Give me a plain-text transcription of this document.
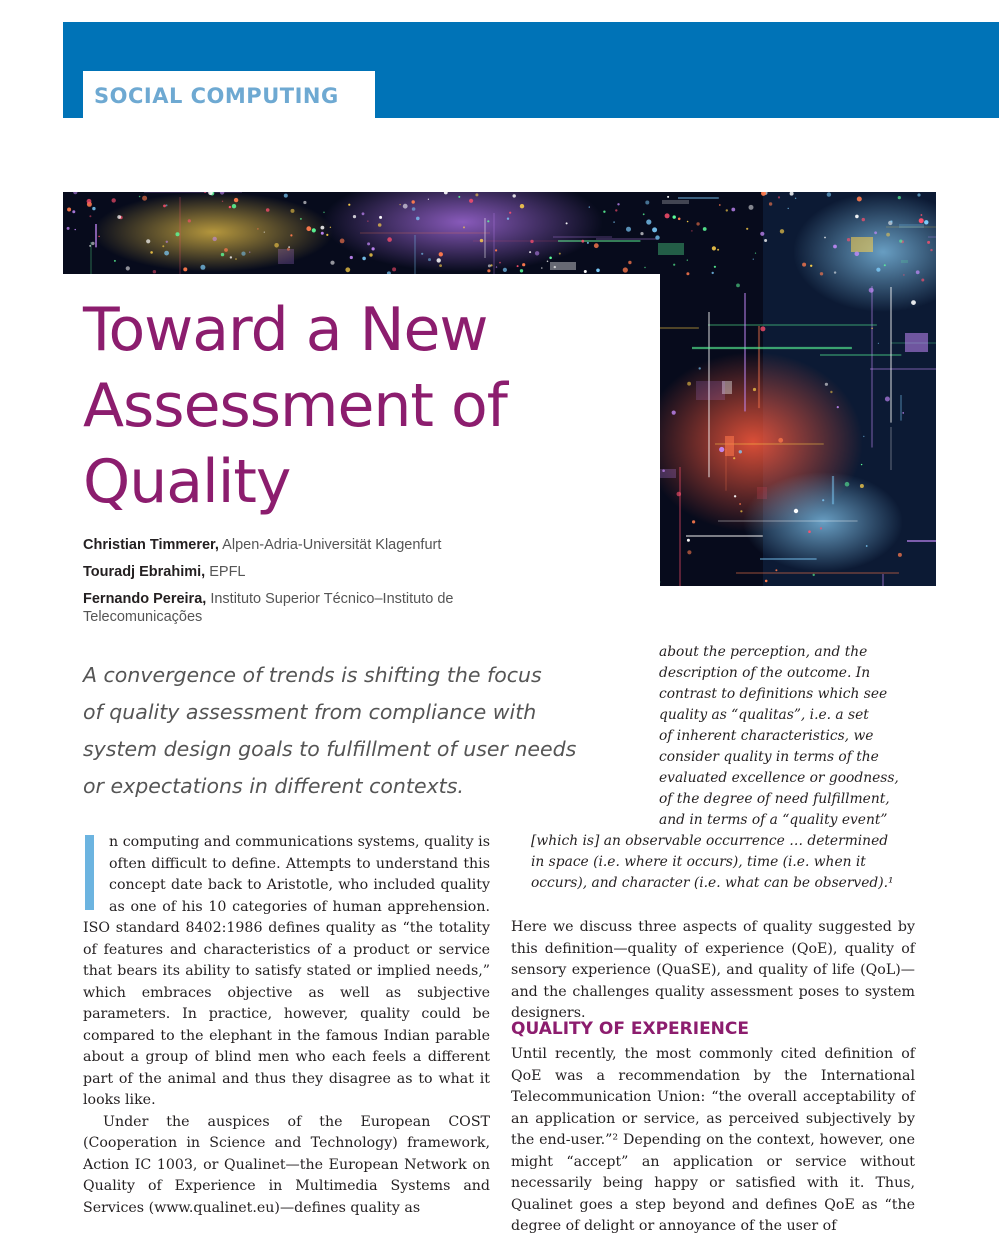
SOCIAL COMPUTING
Toward a New
Assessment of
Quality
Christian Timmerer, Alpen-Adria-Universität Klagenfurt
Touradj Ebrahimi, EPFL
Fernando Pereira, Instituto Superior Técnico–Instituto de Telecomunicações
A convergence of trends is shifting the focus
of quality assessment from compliance with
system design goals to fulfillment of user needs
or expectations in different contexts.
about the perception, and the
description of the outcome. In
contrast to definitions which see
quality as “qualitas”, i.e. a set
of inherent characteristics, we
consider quality in terms of the
evaluated excellence or goodness,
of the degree of need fulfillment,
and in terms of a “quality event”
[which is] an observable occurrence … determined
in space (i.e. where it occurs), time (i.e. when it
occurs), and character (i.e. what can be observed).¹

n computing and communications systems, quality is often difficult to define. Attempts to understand this concept date back to Aristotle, who included quality as one of his 10 categories of human apprehension. ISO standard 8402:1986 defines quality as “the totality of features and characteristics of a product or service that bears its ability to satisfy stated or implied needs,” which embraces objective as well as subjective parameters. In practice, however, quality could be compared to the elephant in the famous Indian parable about a group of blind men who each feels a different part of the animal and thus they disagree as to what it looks like.

Under the auspices of the European COST (Cooperation in Science and Technology) framework, Action IC 1003, or Qualinet—the European Network on Quality of Experience in Multimedia Systems and Services (www.qualinet.eu)—defines quality as

Here we discuss three aspects of quality suggested by this definition—quality of experience (QoE), quality of sensory experience (QuaSE), and quality of life (QoL)—and the challenges quality assessment poses to system designers.
QUALITY OF EXPERIENCE
Until recently, the most commonly cited definition of QoE was a recommendation by the International Telecommunication Union: “the overall acceptability of an application or service, as perceived subjectively by the end-user.”² Depending on the context, however, one might “accept” an application or service without necessarily being happy or satisfied with it. Thus, Qualinet goes a step beyond and defines QoE as “the degree of delight or annoyance of the user of
